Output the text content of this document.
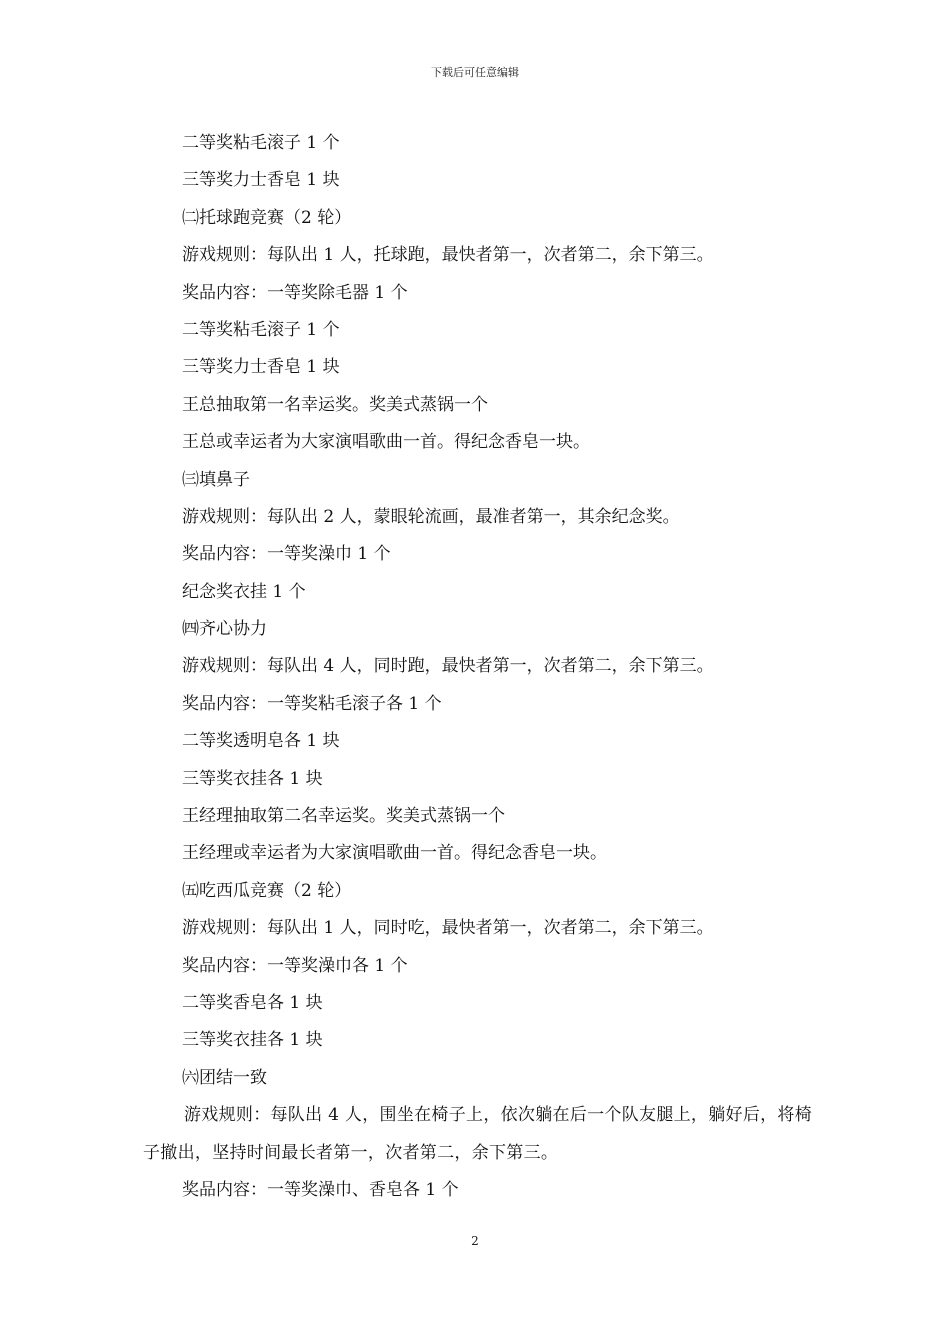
下载后可任意编辑
二等奖粘毛滚子 1 个
三等奖力士香皂 1 块
㈡托球跑竞赛（2 轮）
游戏规则：每队出 1 人，托球跑，最快者第一，次者第二，余下第三。
奖品内容：一等奖除毛器 1 个
二等奖粘毛滚子 1 个
三等奖力士香皂 1 块
王总抽取第一名幸运奖。奖美式蒸锅一个
王总或幸运者为大家演唱歌曲一首。得纪念香皂一块。
㈢填鼻子
游戏规则：每队出 2 人，蒙眼轮流画，最准者第一，其余纪念奖。
奖品内容：一等奖澡巾 1 个
纪念奖衣挂 1 个
㈣齐心协力
游戏规则：每队出 4 人，同时跑，最快者第一，次者第二，余下第三。
奖品内容：一等奖粘毛滚子各 1 个
二等奖透明皂各 1 块
三等奖衣挂各 1 块
王经理抽取第二名幸运奖。奖美式蒸锅一个
王经理或幸运者为大家演唱歌曲一首。得纪念香皂一块。
㈤吃西瓜竞赛（2 轮）
游戏规则：每队出 1 人，同时吃，最快者第一，次者第二，余下第三。
奖品内容：一等奖澡巾各 1 个
二等奖香皂各 1 块
三等奖衣挂各 1 块
㈥团结一致
游戏规则：每队出 4 人，围坐在椅子上，依次躺在后一个队友腿上，躺好后，将椅子撤出，坚持时间最长者第一，次者第二，余下第三。
奖品内容：一等奖澡巾、香皂各 1 个
2
